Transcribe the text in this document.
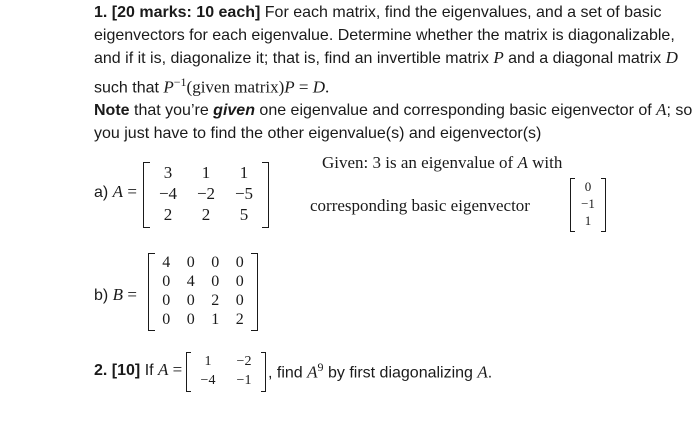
1. [20 marks: 10 each] For each matrix, find the eigenvalues, and a set of basic eigenvectors for each eigenvalue. Determine whether the matrix is diagonalizable, and if it is, diagonalize it; that is, find an invertible matrix P and a diagonal matrix D such that $P^{-1}(given$ matrix)P = D.

Note that you’re given one eigenvalue and corresponding basic eigenvector of A; so you just have to find the other eigenvalue(s) and eigenvector(s)

a) A =
3	1	1
−4	−2	−5
2	2	5
Given: 3 is an eigenvalue of A with
corresponding basic eigenvector
0
−1
1
b) B =
4	0	0	0
0	4	0	0
0	0	2	0
0	0	1	2
2. [10] If A =	1	−2
−4	−1	, find $A^9$ by first diagonalizing A.
